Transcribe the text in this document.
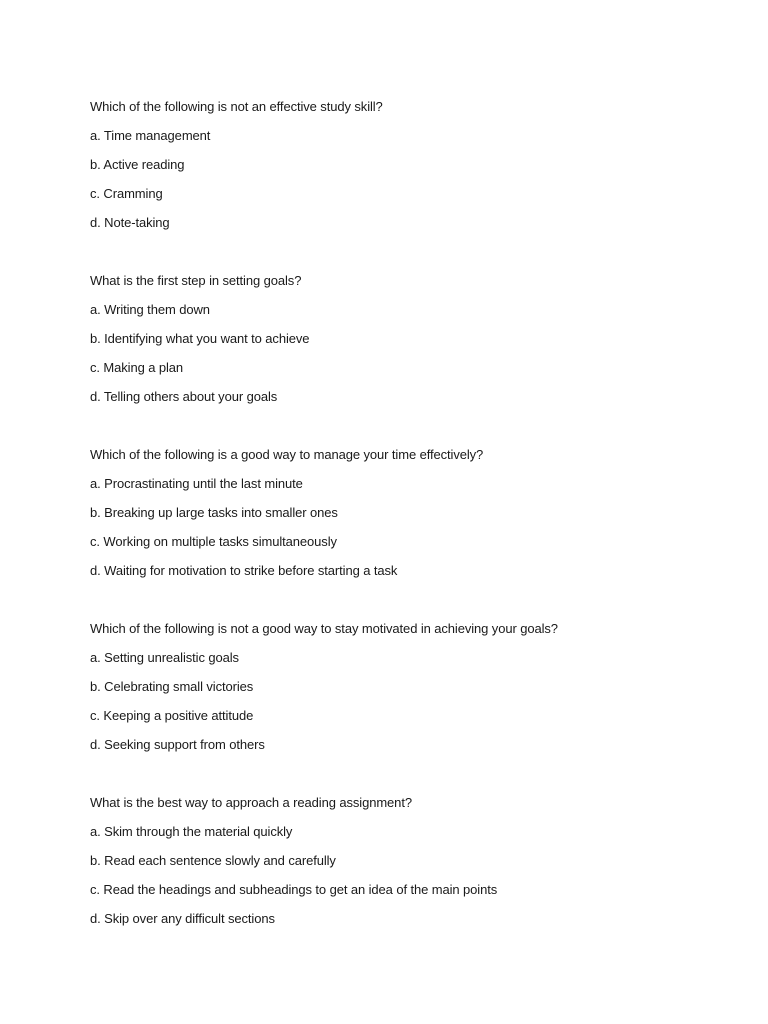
Which of the following is not an effective study skill?
a. Time management
b. Active reading
c. Cramming
d. Note-taking
What is the first step in setting goals?
a. Writing them down
b. Identifying what you want to achieve
c. Making a plan
d. Telling others about your goals
Which of the following is a good way to manage your time effectively?
a. Procrastinating until the last minute
b. Breaking up large tasks into smaller ones
c. Working on multiple tasks simultaneously
d. Waiting for motivation to strike before starting a task
Which of the following is not a good way to stay motivated in achieving your goals?
a. Setting unrealistic goals
b. Celebrating small victories
c. Keeping a positive attitude
d. Seeking support from others
What is the best way to approach a reading assignment?
a. Skim through the material quickly
b. Read each sentence slowly and carefully
c. Read the headings and subheadings to get an idea of the main points
d. Skip over any difficult sections
